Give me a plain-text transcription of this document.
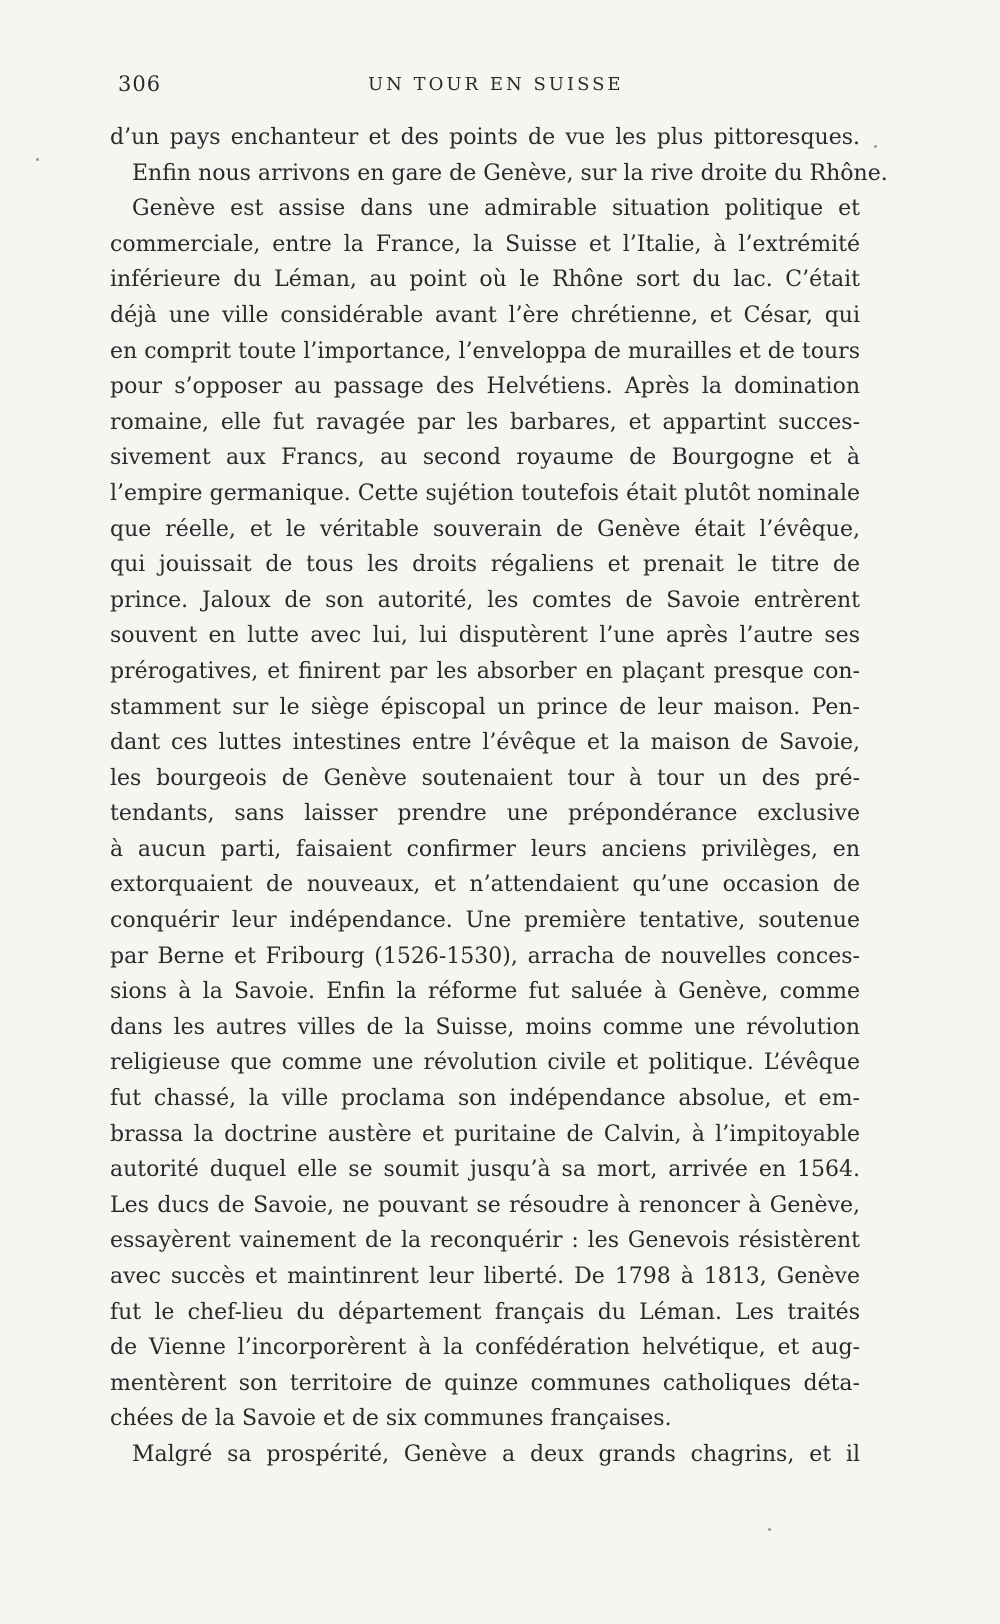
306	UN TOUR EN SUISSE
d’un pays enchanteur et des points de vue les plus pittoresques.
Enfin nous arrivons en gare de Genève, sur la rive droite du Rhône.
Genève est assise dans une admirable situation politique et
commerciale, entre la France, la Suisse et l’Italie, à l’extrémité
inférieure du Léman, au point où le Rhône sort du lac. C’était
déjà une ville considérable avant l’ère chrétienne, et César, qui
en comprit toute l’importance, l’enveloppa de murailles et de tours
pour s’opposer au passage des Helvétiens. Après la domination
romaine, elle fut ravagée par les barbares, et appartint succes-
sivement aux Francs, au second royaume de Bourgogne et à
l’empire germanique. Cette sujétion toutefois était plutôt nominale
que réelle, et le véritable souverain de Genève était l’évêque,
qui jouissait de tous les droits régaliens et prenait le titre de
prince. Jaloux de son autorité, les comtes de Savoie entrèrent
souvent en lutte avec lui, lui disputèrent l’une après l’autre ses
prérogatives, et finirent par les absorber en plaçant presque con-
stamment sur le siège épiscopal un prince de leur maison. Pen-
dant ces luttes intestines entre l’évêque et la maison de Savoie,
les bourgeois de Genève soutenaient tour à tour un des pré-
tendants, sans laisser prendre une prépondérance exclusive
à aucun parti, faisaient confirmer leurs anciens privilèges, en
extorquaient de nouveaux, et n’attendaient qu’une occasion de
conquérir leur indépendance. Une première tentative, soutenue
par Berne et Fribourg (1526-1530), arracha de nouvelles conces-
sions à la Savoie. Enfin la réforme fut saluée à Genève, comme
dans les autres villes de la Suisse, moins comme une révolution
religieuse que comme une révolution civile et politique. L’évêque
fut chassé, la ville proclama son indépendance absolue, et em-
brassa la doctrine austère et puritaine de Calvin, à l’impitoyable
autorité duquel elle se soumit jusqu’à sa mort, arrivée en 1564.
Les ducs de Savoie, ne pouvant se résoudre à renoncer à Genève,
essayèrent vainement de la reconquérir : les Genevois résistèrent
avec succès et maintinrent leur liberté. De 1798 à 1813, Genève
fut le chef-lieu du département français du Léman. Les traités
de Vienne l’incorporèrent à la confédération helvétique, et aug-
mentèrent son territoire de quinze communes catholiques déta-
chées de la Savoie et de six communes françaises.
Malgré sa prospérité, Genève a deux grands chagrins, et il
